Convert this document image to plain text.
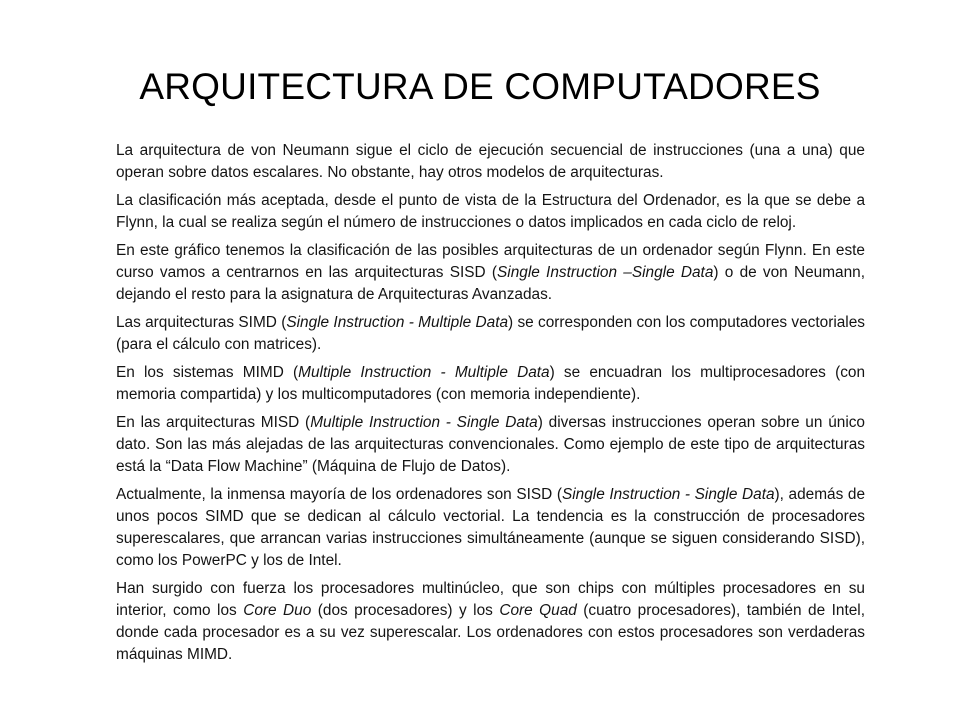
ARQUITECTURA DE COMPUTADORES

La arquitectura de von Neumann sigue el ciclo de ejecución secuencial de instrucciones (una a una) que operan sobre datos escalares. No obstante, hay otros modelos de arquitecturas.

La clasificación más aceptada, desde el punto de vista de la Estructura del Ordenador, es la que se debe a Flynn, la cual se realiza según el número de instrucciones o datos implicados en cada ciclo de reloj.

En este gráfico tenemos la clasificación de las posibles arquitecturas de un ordenador según Flynn. En este curso vamos a centrarnos en las arquitecturas SISD (Single Instruction –Single Data) o de von Neumann, dejando el resto para la asignatura de Arquitecturas Avanzadas.

Las arquitecturas SIMD (Single Instruction - Multiple Data) se corresponden con los computadores vectoriales (para el cálculo con matrices).

En los sistemas MIMD (Multiple Instruction - Multiple Data) se encuadran los multiprocesadores (con memoria compartida) y los multicomputadores (con memoria independiente).

En las arquitecturas MISD (Multiple Instruction - Single Data) diversas instrucciones operan sobre un único dato. Son las más alejadas de las arquitecturas convencionales. Como ejemplo de este tipo de arquitecturas está la “Data Flow Machine” (Máquina de Flujo de Datos).

Actualmente, la inmensa mayoría de los ordenadores son SISD (Single Instruction - Single Data), además de unos pocos SIMD que se dedican al cálculo vectorial. La tendencia es la construcción de procesadores superescalares, que arrancan varias instrucciones simultáneamente (aunque se siguen considerando SISD), como los PowerPC y los de Intel.

Han surgido con fuerza los procesadores multinúcleo, que son chips con múltiples procesadores en su interior, como los Core Duo (dos procesadores) y los Core Quad (cuatro procesadores), también de Intel, donde cada procesador es a su vez superescalar. Los ordenadores con estos procesadores son verdaderas máquinas MIMD.
